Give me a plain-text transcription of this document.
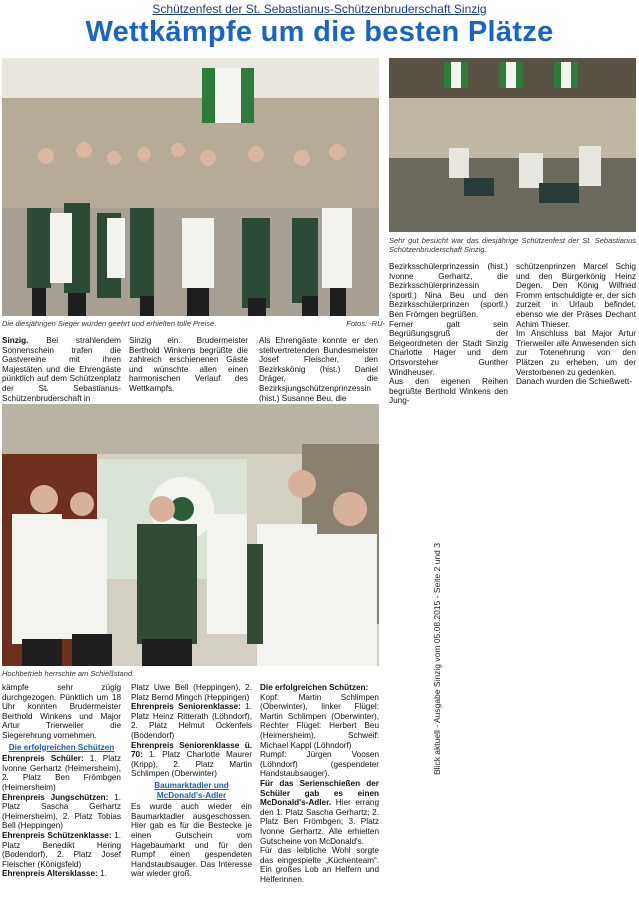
Schützenfest der St. Sebastianus-Schützenbruderschaft Sinzig
Wettkämpfe um die besten Plätze
Die diesjährigen Sieger wurden geehrt und erhielten tolle Preise.	Fotos: -RÜ-
Sehr gut besucht war das diesjährige Schützenfest der St. Sebastianus Schützenbruderschaft Sinzig.

Sinzig. Bei strahlendem Sonnenschein trafen die Gastvereine mit ihren Majestäten und die Ehrengäste pünktlich auf dem Schützenplatz der St. Sebastianus-Schützenbruderschaft in

Sinzig ein. Brudermeister Berthold Winkens begrüßte die zahlreich erschienenen Gäste und wünschte allen einen harmonischen Verlauf des Wettkampfs.

Als Ehrengäste konnte er den stellvertretenden Bundesmeister Josef Fleischer, den Bezirkskönig (hist.) Daniel Dräger, die Bezirksjungschützenprinzessin (hist.) Susanne Beu, die

Bezirksschülerprinzessin (hist.) Ivonne Gerhartz, die Bezirksschülerprinzessin (sportl.) Nina Beu und den Bezirksschülerprinzen (sportl.) Ben Frömgen begrüßen.

Ferner galt sein Begrüßungsgruß der Beigeordneten der Stadt Sinzig Charlotte Hager und dem Ortsvorsteher Gunther Windheuser.

Aus den eigenen Reihen begrüßte Berthold Winkens den Jung-

schützenprinzen Marcel Schig und den Bürgerkönig Heinz Degen. Den König Wilfried Fromm entschuldigte er, der sich zurzeit in Urlaub befindet, ebenso wie der Präses Dechant Achim Thieser.

Im Anschluss bat Major Artur Trierweiler alle Anwesenden sich zur Totenehrung von den Plätzen zu erheben, um der Verstorbenen zu gedenken.

Danach wurden die Schießwett-

Hochbetrieb herrschte am Schießstand.

kämpfe sehr zügig durchgezogen. Pünktlich um 18 Uhr konnten Brudermeister Berthold Winkens und Major Artur Trierweiler die Siegerehrung vornehmen.

Die erfolgreichen Schützen

Ehrenpreis Schüler: 1. Platz Ivonne Gerhartz (Heimersheim), 2. Platz Ben Frömbgen (Heimersheim)

Ehrenpreis Jungschützen: 1. Platz Sascha Gerhartz (Heimersheim), 2. Platz Tobias Bell (Heppingen)

Ehrenpreis Schützenklasse: 1. Platz Benedikt Hering (Bodendorf), 2. Platz Josef Fleischer (Königsfeld)

Ehrenpreis Altersklasse: 1.

Platz Uwe Bell (Heppingen), 2. Platz Bernd Mingch (Heppingen)

Ehrenpreis Seniorenklasse: 1. Platz Heinz Ritterath (Löhndorf), 2. Platz Helmut Ockenfels (Bodendorf)

Ehrenpreis Seniorenklasse ü. 70: 1. Platz Charlotte Maurer (Kripp), 2. Platz Martin Schlimpen (Oberwinter)

Baumarktadler und McDonald's-Adler

Es wurde auch wieder ein Baumarktadler ausgeschossen. Hier gab es für die Bestecke je einen Gutschein vom Hagebaumarkt und für den Rumpf einen gespendeten Handstaubsauger. Das Interesse war wieder groß.

Die erfolgreichen Schützen:

Kopf: Martin Schlimpen (Oberwinter), linker Flügel: Martin Schlimpen (Oberwinter), Rechter Flügel: Herbert Beu (Heimersheim), Schweif: Michael Kappl (Löhndorf)

Rumpf: Jürgen Voosen (Löhndorf) (gespendeter Handstaubsauger).

Für das Serienschießen der Schüler gab es einen McDonald's-Adler. Hier errang den 1. Platz Sascha Gerhartz; 2. Platz Ben Frömbgen; 3. Platz Ivonne Gerhartz. Alle erhielten Gutscheine von McDonald's.

Für das leibliche Wohl sorgte das eingespielte „Küchenteam“. Ein großes Lob an Helfern und Helferinnen.

Blick aktuell - Ausgabe Sinzig vom 05.08.2015 - Seite 2 und 3
